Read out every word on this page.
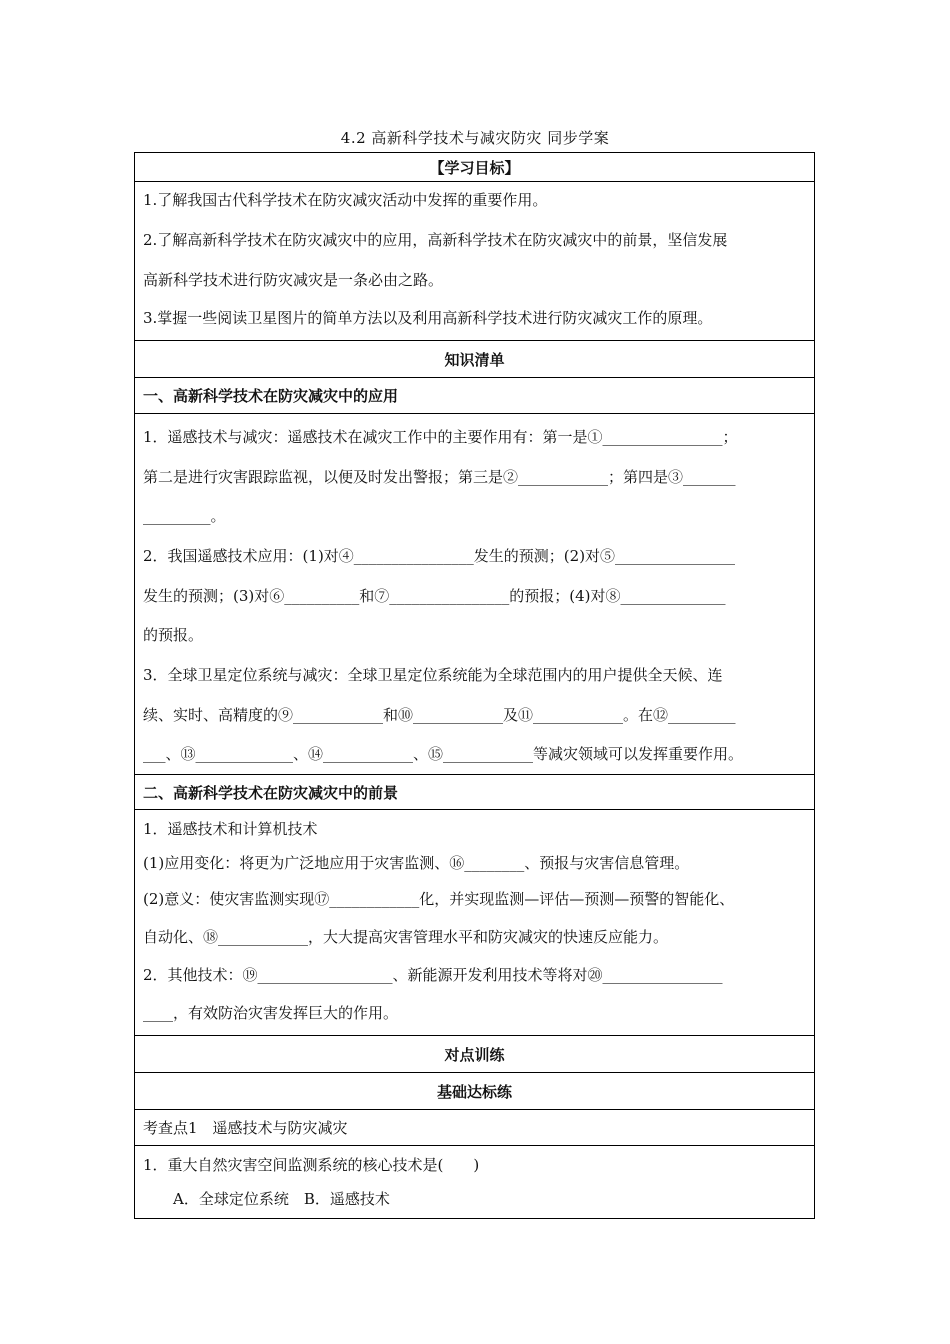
4.2 高新科学技术与减灾防灾 同步学案
【学习目标】
1.了解我国古代科学技术在防灾减灾活动中发挥的重要作用。
2.了解高新科学技术在防灾减灾中的应用，高新科学技术在防灾减灾中的前景，坚信发展
高新科学技术进行防灾减灾是一条必由之路。
3.掌握一些阅读卫星图片的简单方法以及利用高新科学技术进行防灾减灾工作的原理。
知识清单
一、高新科学技术在防灾减灾中的应用
1．遥感技术与减灾：遥感技术在减灾工作中的主要作用有：第一是①________________；
第二是进行灾害跟踪监视，以便及时发出警报；第三是②____________；第四是③_______
_________。
2．我国遥感技术应用：(1)对④________________发生的预测；(2)对⑤________________
发生的预测；(3)对⑥__________和⑦________________的预报；(4)对⑧______________
的预报。
3．全球卫星定位系统与减灾：全球卫星定位系统能为全球范围内的用户提供全天候、连
续、实时、高精度的⑨____________和⑩____________及⑪____________。在⑫_________
___、⑬_____________、⑭____________、⑮____________等减灾领域可以发挥重要作用。
二、高新科学技术在防灾减灾中的前景
1．遥感技术和计算机技术
(1)应用变化：将更为广泛地应用于灾害监测、⑯________、预报与灾害信息管理。
(2)意义：使灾害监测实现⑰____________化，并实现监测—评估—预测—预警的智能化、
自动化、⑱____________，大大提高灾害管理水平和防灾减灾的快速反应能力。
2．其他技术：⑲__________________、新能源开发利用技术等将对⑳________________
____，有效防治灾害发挥巨大的作用。
对点训练
基础达标练
考查点1　遥感技术与防灾减灾
1．重大自然灾害空间监测系统的核心技术是(　　)
A．全球定位系统　B．遥感技术
